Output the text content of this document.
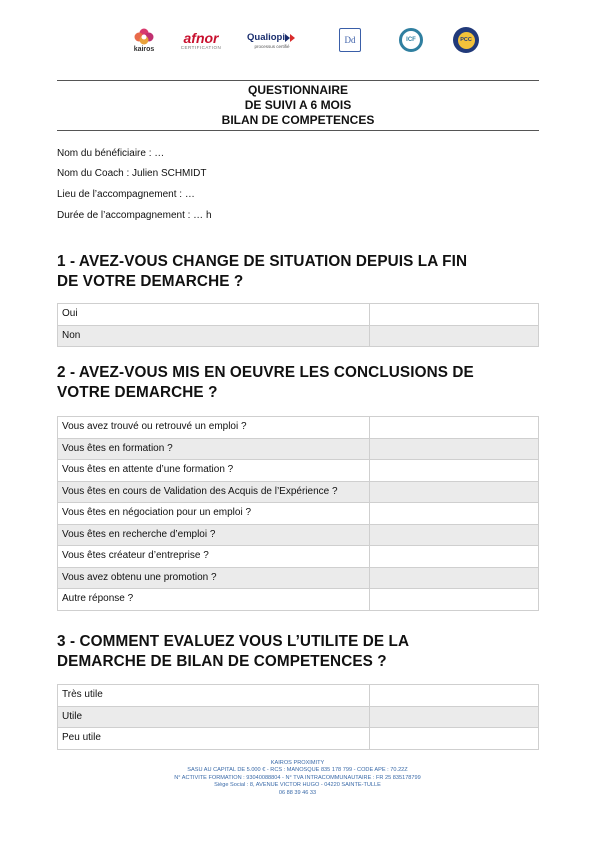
kairos
afnor
CERTIFICATION
Qualiopi
processus certifié
Dd	ICF	PCC
QUESTIONNAIRE
DE SUIVI A 6 MOIS
BILAN DE COMPETENCES
Nom du bénéficiaire : …
Nom du Coach : Julien SCHMIDT
Lieu de l’accompagnement : …
Durée de l’accompagnement : … h
1 - AVEZ-VOUS CHANGE DE SITUATION DEPUIS LA FIN
DE VOTRE DEMARCHE ?
Oui	
Non	
2 - AVEZ-VOUS MIS EN OEUVRE LES CONCLUSIONS DE
VOTRE DEMARCHE ?
Vous avez trouvé ou retrouvé un emploi ?	
Vous êtes en formation ?	
Vous êtes en attente d’une formation ?	
Vous êtes en cours de Validation des Acquis de l’Expérience ?	
Vous êtes en négociation pour un emploi ?	
Vous êtes en recherche d’emploi ?	
Vous êtes créateur d’entreprise ?	
Vous avez obtenu une promotion ?	
Autre réponse ?	
3 - COMMENT EVALUEZ VOUS L’UTILITE DE LA
DEMARCHE DE BILAN DE COMPETENCES ?
Très utile	
Utile	
Peu utile	
KAIROS PROXIMITY
SASU AU CAPITAL DE 5.000 € - RCS : MANOSQUE 835 178 799 - CODE APE : 70.22Z
N° ACTIVITE FORMATION : 93040088804 - N° TVA INTRACOMMUNAUTAIRE : FR 25 835178799
Siège Social : 8, AVENUE VICTOR HUGO - 04220 SAINTE-TULLE
06 88 39 46 33
